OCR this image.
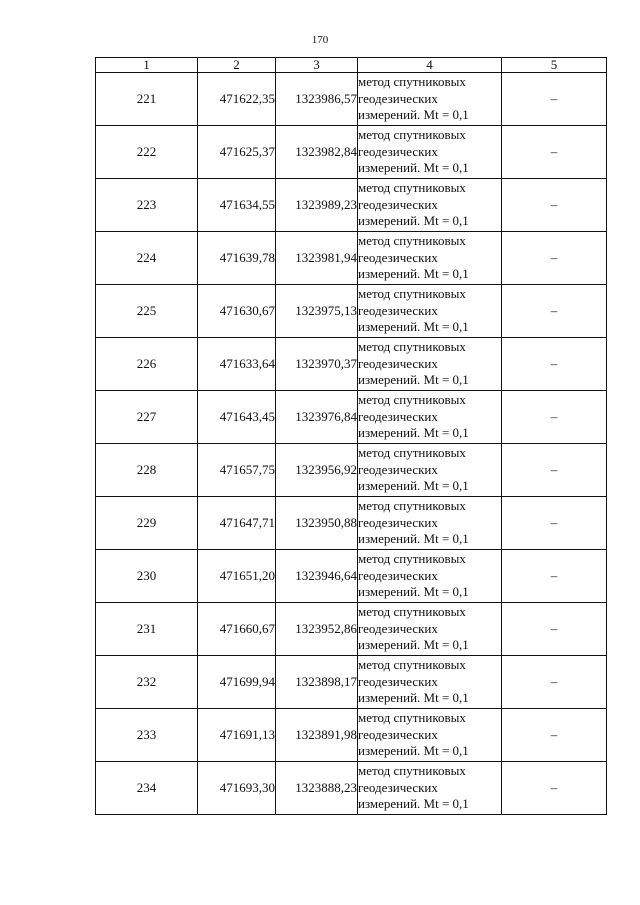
170
1	2	3	4	5
221	471622,35	1323986,57	метод спутниковых
геодезических
измерений. Mt = 0,1	–
222	471625,37	1323982,84	метод спутниковых
геодезических
измерений. Mt = 0,1	–
223	471634,55	1323989,23	метод спутниковых
геодезических
измерений. Mt = 0,1	–
224	471639,78	1323981,94	метод спутниковых
геодезических
измерений. Mt = 0,1	–
225	471630,67	1323975,13	метод спутниковых
геодезических
измерений. Mt = 0,1	–
226	471633,64	1323970,37	метод спутниковых
геодезических
измерений. Mt = 0,1	–
227	471643,45	1323976,84	метод спутниковых
геодезических
измерений. Mt = 0,1	–
228	471657,75	1323956,92	метод спутниковых
геодезических
измерений. Mt = 0,1	–
229	471647,71	1323950,88	метод спутниковых
геодезических
измерений. Mt = 0,1	–
230	471651,20	1323946,64	метод спутниковых
геодезических
измерений. Mt = 0,1	–
231	471660,67	1323952,86	метод спутниковых
геодезических
измерений. Mt = 0,1	–
232	471699,94	1323898,17	метод спутниковых
геодезических
измерений. Mt = 0,1	–
233	471691,13	1323891,98	метод спутниковых
геодезических
измерений. Mt = 0,1	–
234	471693,30	1323888,23	метод спутниковых
геодезических
измерений. Mt = 0,1	–
